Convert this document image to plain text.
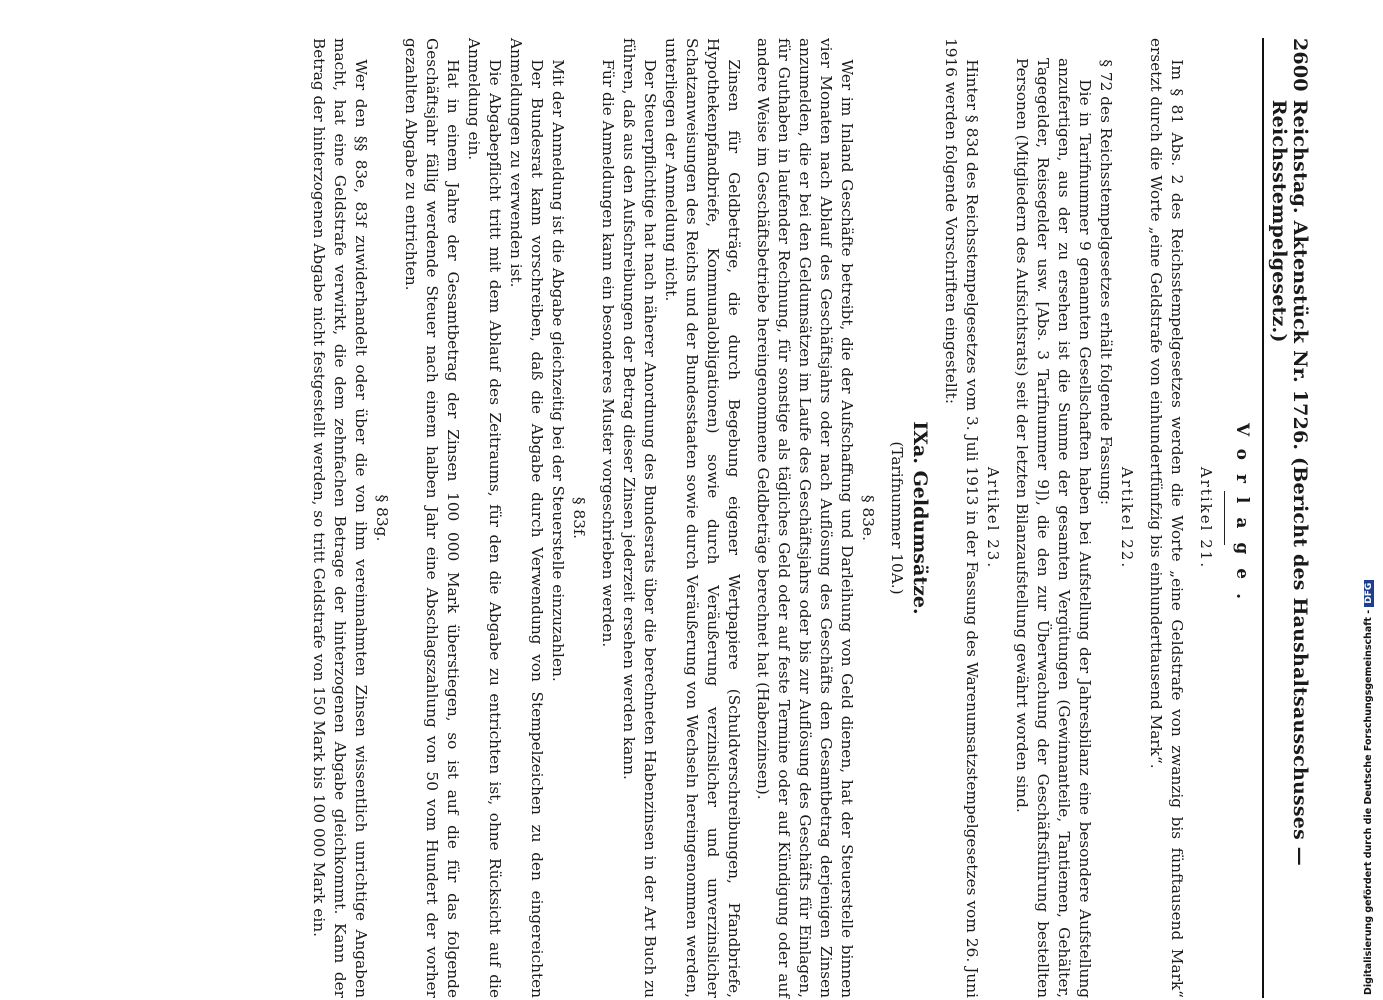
2600
Reichstag. Aktenstück Nr. 1726. (Bericht des Haushaltsausschusses — Reichsstempelgesetz.)
Vorlage.
Artikel 21.

Im § 81 Abs. 2 des Reichsstempelgesetzes werden die Worte „eine Geldstrafe von zwanzig bis fünftausend Mark“ ersetzt durch die Worte „eine Geldstrafe von einhundertfünfzig bis einhunderttausend Mark“.

Artikel 22.

§ 72 des Reichsstempelgesetzes erhält folgende Fassung:

Die in Tarifnummer 9 genannten Gesellschaften haben bei Aufstellung der Jahresbilanz eine besondere Aufstellung anzufertigen, aus der zu ersehen ist die Summe der gesamten Vergütungen (Gewinnanteile, Tantiemen, Gehälter, Tagegelder, Reisegelder usw. [Abs. 3 Tarifnummer 9]), die den zur Überwachung der Geschäftsführung bestellten Personen (Mitgliedern des Aufsichtsrats) seit der letzten Bilanzaufstellung gewährt worden sind.

Artikel 23.

Hinter § 83d des Reichsstempelgesetzes vom 3. Juli 1913 in der Fassung des Warenumsatzstempelgesetzes vom 26. Juni 1916 werden folgende Vorschriften eingestellt:

IXa. Geldumsätze.
(Tarifnummer 10A.)
§ 83e.

Wer im Inland Geschäfte betreibt, die der Aufschaffung und Darleihung von Geld dienen, hat der Steuerstelle binnen vier Monaten nach Ablauf des Geschäftsjahrs oder nach Auflösung des Geschäfts den Gesamtbetrag derjenigen Zinsen anzumelden, die er bei den Geldumsätzen im Laufe des Geschäftsjahrs oder bis zur Auflösung des Geschäfts für Einlagen, für Guthaben in laufender Rechnung, für sonstige als tägliches Geld oder auf feste Termine oder auf Kündigung oder auf andere Weise im Geschäftsbetriebe hereingenommene Geldbeträge berechnet hat (Habenzinsen).

Zinsen für Geldbeträge, die durch Begebung eigener Wertpapiere (Schuldverschreibungen, Pfandbriefe, Hypothekenpfandbriefe, Kommunalobligationen) sowie durch Veräußerung verzinslicher und unverzinslicher Schatzanweisungen des Reichs und der Bundesstaaten sowie durch Veräußerung von Wechseln hereingenommen werden, unterliegen der Anmeldung nicht.

Der Steuerpflichtige hat nach näherer Anordnung des Bundesrats über die berechneten Habenzinsen in der Art Buch zu führen, daß aus den Aufschreibungen der Betrag dieser Zinsen jederzeit ersehen werden kann.

Für die Anmeldungen kann ein besonderes Muster vorgeschrieben werden.

§ 83f.

Mit der Anmeldung ist die Abgabe gleichzeitig bei der Steuerstelle einzuzahlen.

Der Bundesrat kann vorschreiben, daß die Abgabe durch Verwendung von Stempelzeichen zu den eingereichten Anmeldungen zu verwenden ist.

Die Abgabepflicht tritt mit dem Ablauf des Zeitraums, für den die Abgabe zu entrichten ist, ohne Rücksicht auf die Anmeldung ein.

Hat in einem Jahre der Gesamtbetrag der Zinsen 100 000 Mark überstiegen, so ist auf die für das folgende Geschäftsjahr fällig werdende Steuer nach einem halben Jahr eine Abschlagszahlung von 50 vom Hundert der vorher gezahlten Abgabe zu entrichten.

§ 83g.

Wer den §§ 83e, 83f zuwiderhandelt oder über die von ihm vereinnahmten Zinsen wissentlich unrichtige Angaben macht, hat eine Geldstrafe verwirkt, die dem zehnfachen Betrage der hinterzogenen Abgabe gleichkommt. Kann der Betrag der hinterzogenen Abgabe nicht festgestellt werden, so tritt Geldstrafe von 150 Mark bis 100 000 Mark ein.	Digitalisierung gefördert durch die Deutsche Forschungsgemeinschaft -DFG
